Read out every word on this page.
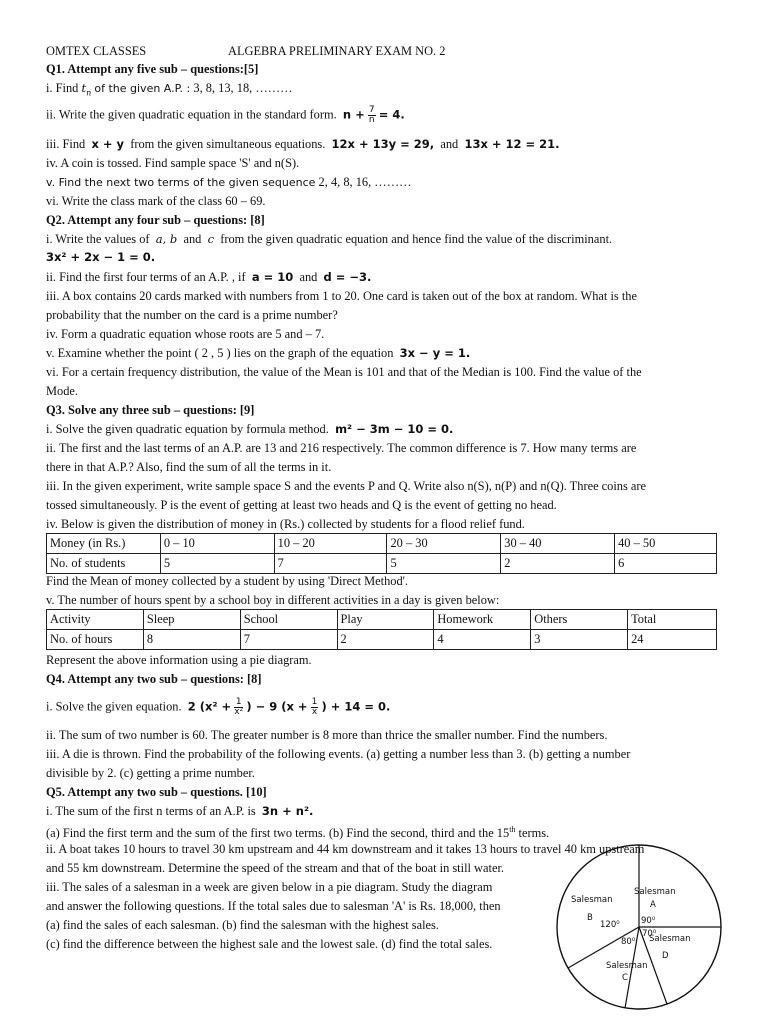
OMTEX CLASSES	ALGEBRA PRELIMINARY EXAM NO. 2
Q1. Attempt any five sub – questions:[5]
i. Find $t_n$ of the given A.P. : 3, 8, 13, 18, ………
ii. Write the given quadratic equation in the standard form. $n + \frac{7}{n} = 4$.
iii. Find x + y from the given simultaneous equations. 12x + 13y = 29, and 13x + 12 = 21.
iv. A coin is tossed. Find sample space 'S' and n(S).
v. Find the next two terms of the given sequence 2, 4, 8, 16, ………
vi. Write the class mark of the class 60 – 69.
Q2. Attempt any four sub – questions: [8]
i. Write the values of a, b and c from the given quadratic equation and hence find the value of the discriminant.
3x² + 2x − 1 = 0.
ii. Find the first four terms of an A.P. , if a = 10 and d = −3.
iii. A box contains 20 cards marked with numbers from 1 to 20. One card is taken out of the box at random. What is the
probability that the number on the card is a prime number?
iv. Form a quadratic equation whose roots are 5 and – 7.
v. Examine whether the point ( 2 , 5 ) lies on the graph of the equation 3x − y = 1.
vi. For a certain frequency distribution, the value of the Mean is 101 and that of the Median is 100. Find the value of the
Mode.
Q3. Solve any three sub – questions: [9]
i. Solve the given quadratic equation by formula method. m² − 3m − 10 = 0.
ii. The first and the last terms of an A.P. are 13 and 216 respectively. The common difference is 7. How many terms are
there in that A.P.? Also, find the sum of all the terms in it.
iii. In the given experiment, write sample space S and the events P and Q. Write also n(S), n(P) and n(Q). Three coins are
tossed simultaneously. P is the event of getting at least two heads and Q is the event of getting no head.
iv. Below is given the distribution of money in (Rs.) collected by students for a flood relief fund.
Money (in Rs.)	0 – 10	10 – 20	20 – 30	30 – 40	40 – 50
No. of students	5	7	5	2	6
Find the Mean of money collected by a student by using 'Direct Method'.
v. The number of hours spent by a school boy in different activities in a day is given below:
Activity	Sleep	School	Play	Homework	Others	Total
No. of hours	8	7	2	4	3	24
Represent the above information using a pie diagram.
Q4. Attempt any two sub – questions: [8]
i. Solve the given equation. 2 ($x^2 + \frac{1}{\text{x²}}$ ) − 9 ($x + \frac{1}{x}$ ) + 14 = 0.
ii. The sum of two number is 60. The greater number is 8 more than thrice the smaller number. Find the numbers.
iii. A die is thrown. Find the probability of the following events. (a) getting a number less than 3. (b) getting a number
divisible by 2. (c) getting a prime number.
Q5. Attempt any two sub – questions. [10]
i. The sum of the first n terms of an A.P. is 3n + n².
(a) Find the first term and the sum of the first two terms. (b) Find the second, third and the 15th terms.
ii. A boat takes 10 hours to travel 30 km upstream and 44 km downstream and it takes 13 hours to travel 40 km upstream
and 55 km downstream. Determine the speed of the stream and that of the boat in still water.
iii. The sales of a salesman in a week are given below in a pie diagram. Study the diagram
and answer the following questions. If the total sales due to salesman 'A' is Rs. 18,000, then
(a) find the sales of each salesman. (b) find the salesman with the highest sales.
(c) find the difference between the highest sale and the lowest sale. (d) find the total sales.
Salesman
A
Salesman
B
Salesman
D
Salesman
C
90⁰
120⁰
70⁰
80⁰
